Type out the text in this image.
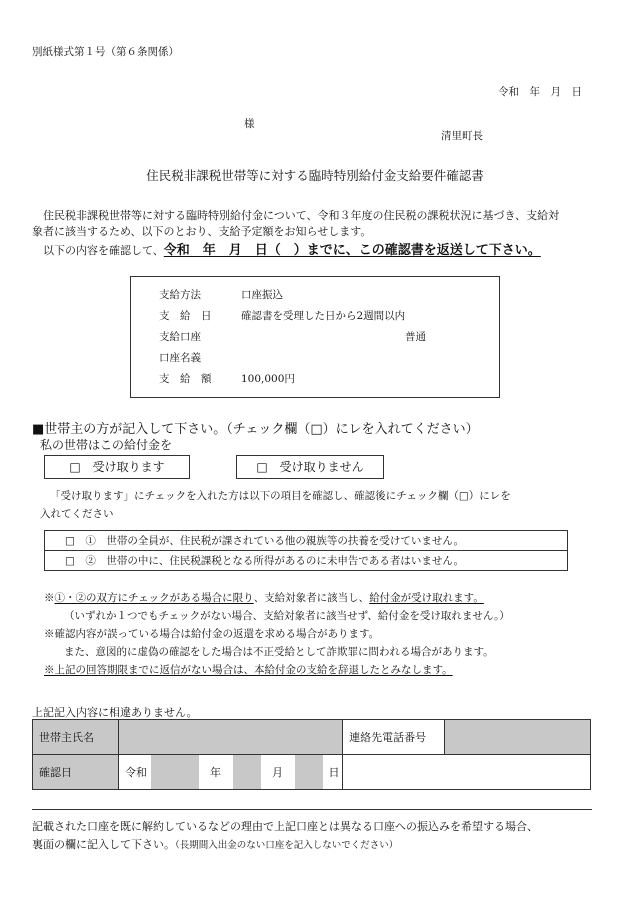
別紙様式第１号（第６条関係）
令和　年　月　日
様
清里町長
住民税非課税世帯等に対する臨時特別給付金支給要件確認書
　住民税非課税世帯等に対する臨時特別給付金について、令和３年度の住民税の課税状況に基づき、支給対
象者に該当するため、以下のとおり、支給予定額をお知らせします。
　以下の内容を確認して、令和　年　月　日（　）までに、この確認書を返送して下さい。
支給方法	口座振込
支　給　日	確認書を受理した日から2週間以内
支給口座	普通
口座名義
支　給　額	100,000円
■世帯主の方が記入して下さい。（チェック欄（□）にレを入れてください）
私の世帯はこの給付金を
□　受け取ります	□　受け取りません
「受け取ります」にチェックを入れた方は以下の項目を確認し、確認後にチェック欄（□）にレを
入れてください
□　①　世帯の全員が、住民税が課されている他の親族等の扶養を受けていません。
□　②　世帯の中に、住民税課税となる所得があるのに未申告である者はいません。
※①・②の双方にチェックがある場合に限り、支給対象者に該当し、給付金が受け取れます。
（いずれか１つでもチェックがない場合、支給対象者に該当せず、給付金を受け取れません。）
※確認内容が誤っている場合は給付金の返還を求める場合があります。
また、意図的に虚偽の確認をした場合は不正受給として詐欺罪に問われる場合があります。
※上記の回答期限までに返信がない場合は、本給付金の支給を辞退したとみなします。
上記記入内容に相違ありません。
世帯主氏名								連絡先電話番号	
確認日	令和		年		月		日		
記載された口座を既に解約しているなどの理由で上記口座とは異なる口座への振込みを希望する場合、
裏面の欄に記入して下さい。（長期間入出金のない口座を記入しないでください）
